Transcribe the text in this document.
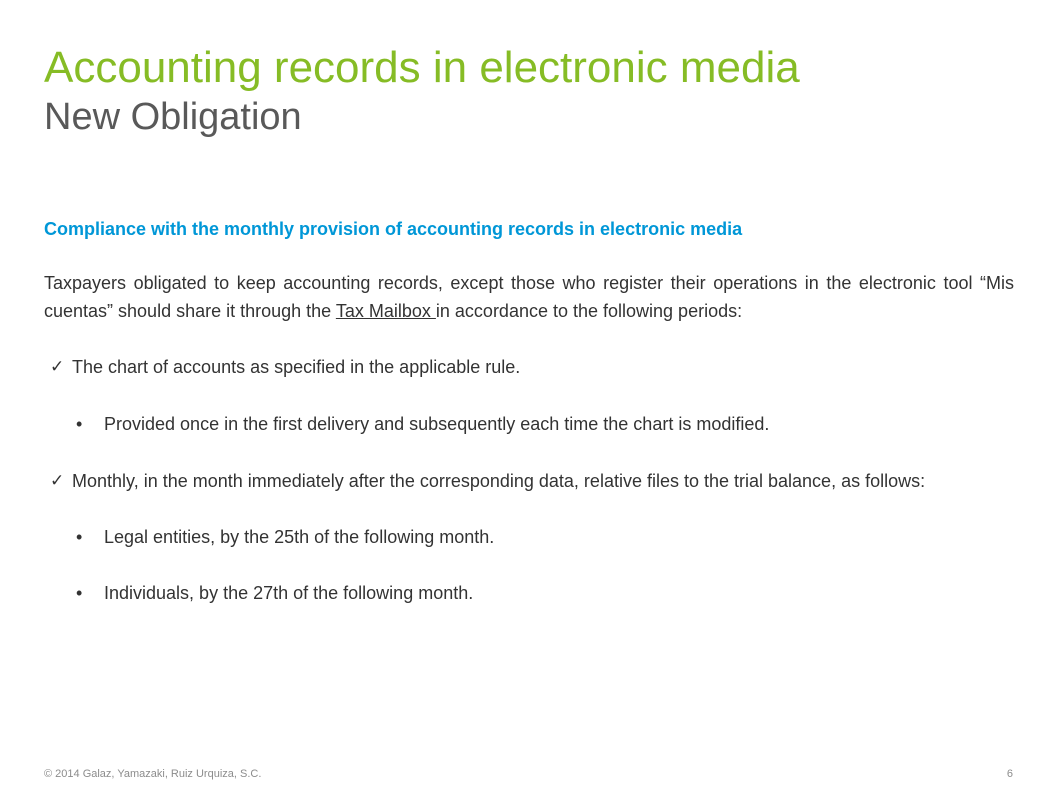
Accounting records in electronic media
New Obligation

Compliance with the monthly provision of accounting records in electronic media

Taxpayers obligated to keep accounting records, except those who register their operations in the electronic tool “Mis cuentas” should share it through the Tax Mailbox in accordance to the following periods:

✓ The chart of accounts as specified in the applicable rule.
• Provided once in the first delivery and subsequently each time the chart is modified.
✓ Monthly, in the month immediately after the corresponding data, relative files to the trial balance, as follows:
• Legal entities, by the 25th of the following month.
• Individuals, by the 27th of the following month.
© 2014 Galaz, Yamazaki, Ruiz Urquiza, S.C.	6
